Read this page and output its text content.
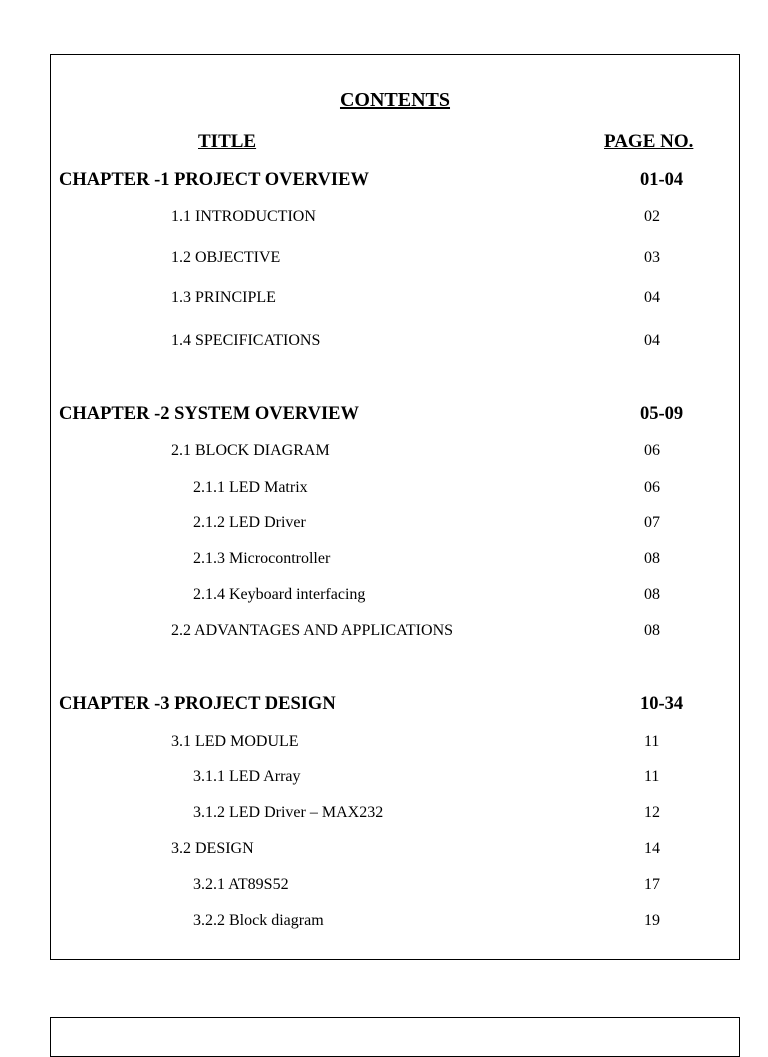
CONTENTS
TITLE	PAGE NO.
CHAPTER -1 PROJECT OVERVIEW	01-04
1.1 INTRODUCTION	02
1.2 OBJECTIVE	03
1.3 PRINCIPLE	04
1.4 SPECIFICATIONS	04
CHAPTER -2 SYSTEM OVERVIEW	05-09
2.1 BLOCK DIAGRAM	06
2.1.1 LED Matrix	06
2.1.2 LED Driver	07
2.1.3 Microcontroller	08
2.1.4 Keyboard interfacing	08
2.2 ADVANTAGES AND APPLICATIONS	08
CHAPTER -3 PROJECT DESIGN	10-34
3.1 LED MODULE	11
3.1.1 LED Array	11
3.1.2 LED Driver – MAX232	12
3.2 DESIGN	14
3.2.1 AT89S52	17
3.2.2 Block diagram	19
